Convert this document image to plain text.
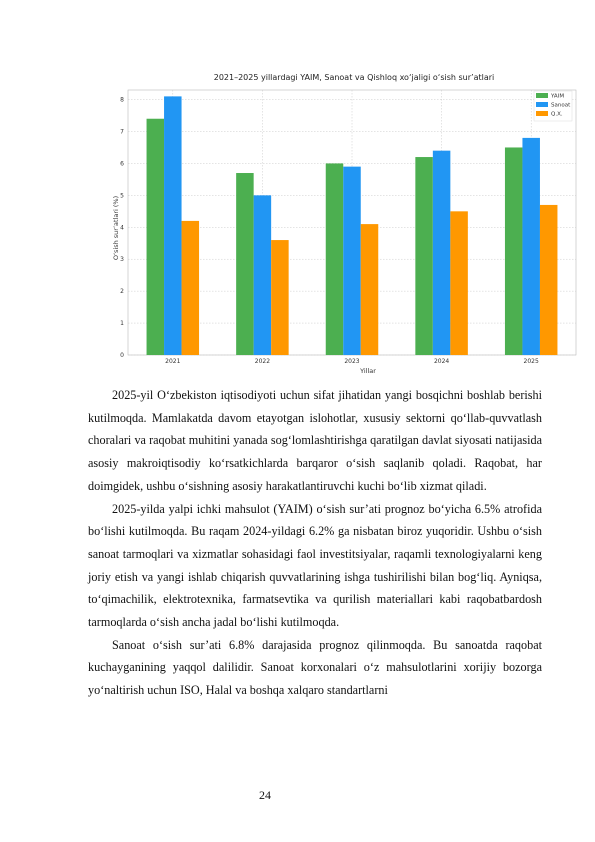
2021–2025 yillardagi YAIM, Sanoat va Qishloq xo‘jaligi o‘sish sur’atlari
2021	2022	2023	2024	2025
0
1
2
3
4
5
6
7
8
Yillar
O‘sish sur’atlari (%)
YAIM
Sanoat
Q.X.

2025-yil O‘zbekiston iqtisodiyoti uchun sifat jihatidan yangi bosqichni boshlab berishi kutilmoqda. Mamlakatda davom etayotgan islohotlar, xususiy sektorni qo‘llab-quvvatlash choralari va raqobat muhitini yanada sog‘lomlashtirishga qaratilgan davlat siyosati natijasida asosiy makroiqtisodiy ko‘rsatkichlarda barqaror o‘sish saqlanib qoladi. Raqobat, har doimgidek, ushbu o‘sishning asosiy harakatlantiruvchi kuchi bo‘lib xizmat qiladi.

2025-yilda yalpi ichki mahsulot (YAIM) o‘sish sur’ati prognoz bo‘yicha 6.5% atrofida bo‘lishi kutilmoqda. Bu raqam 2024-yildagi 6.2% ga nisbatan biroz yuqoridir. Ushbu o‘sish sanoat tarmoqlari va xizmatlar sohasidagi faol investitsiyalar, raqamli texnologiyalarni keng joriy etish va yangi ishlab chiqarish quvvatlarining ishga tushirilishi bilan bog‘liq. Ayniqsa, to‘qimachilik, elektrotexnika, farmatsevtika va qurilish materiallari kabi raqobatbardosh tarmoqlarda o‘sish ancha jadal bo‘lishi kutilmoqda.

Sanoat o‘sish sur’ati 6.8% darajasida prognoz qilinmoqda. Bu sanoatda raqobat kuchayganining yaqqol dalilidir. Sanoat korxonalari o‘z mahsulotlarini xorijiy bozorga yo‘naltirish uchun ISO, Halal va boshqa xalqaro standartlarni

24
